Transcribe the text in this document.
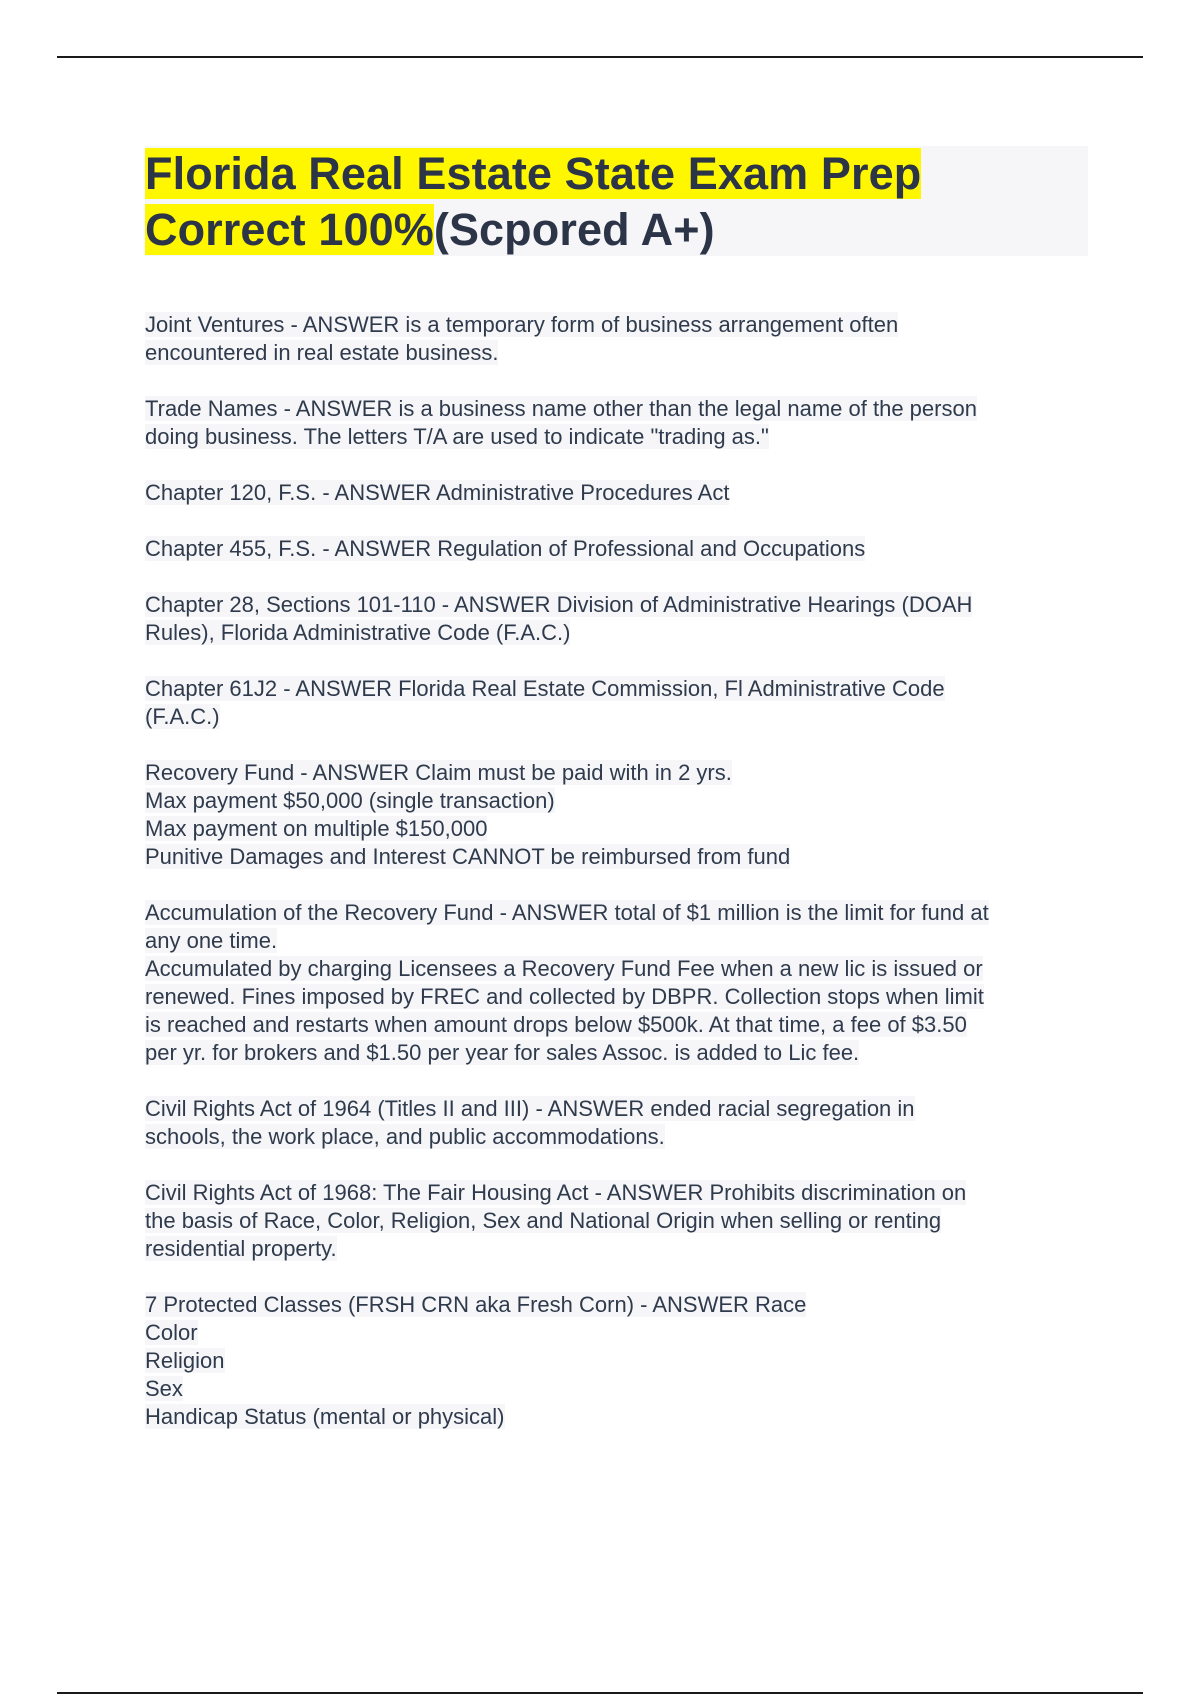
Florida Real Estate State Exam Prep
Correct 100%(Scpored A+)
Joint Ventures - ANSWER is a temporary form of business arrangement often
encountered in real estate business.
Trade Names - ANSWER is a business name other than the legal name of the person
doing business. The letters T/A are used to indicate "trading as."
Chapter 120, F.S. - ANSWER Administrative Procedures Act
Chapter 455, F.S. - ANSWER Regulation of Professional and Occupations
Chapter 28, Sections 101-110 - ANSWER Division of Administrative Hearings (DOAH
Rules), Florida Administrative Code (F.A.C.)
Chapter 61J2 - ANSWER Florida Real Estate Commission, Fl Administrative Code
(F.A.C.)
Recovery Fund - ANSWER Claim must be paid with in 2 yrs.
Max payment $50,000 (single transaction)
Max payment on multiple $150,000
Punitive Damages and Interest CANNOT be reimbursed from fund
Accumulation of the Recovery Fund - ANSWER total of $1 million is the limit for fund at
any one time.
Accumulated by charging Licensees a Recovery Fund Fee when a new lic is issued or
renewed. Fines imposed by FREC and collected by DBPR. Collection stops when limit
is reached and restarts when amount drops below $500k. At that time, a fee of $3.50
per yr. for brokers and $1.50 per year for sales Assoc. is added to Lic fee.
Civil Rights Act of 1964 (Titles II and III) - ANSWER ended racial segregation in
schools, the work place, and public accommodations.
Civil Rights Act of 1968: The Fair Housing Act - ANSWER Prohibits discrimination on
the basis of Race, Color, Religion, Sex and National Origin when selling or renting
residential property.
7 Protected Classes (FRSH CRN aka Fresh Corn) - ANSWER Race
Color
Religion
Sex
Handicap Status (mental or physical)
